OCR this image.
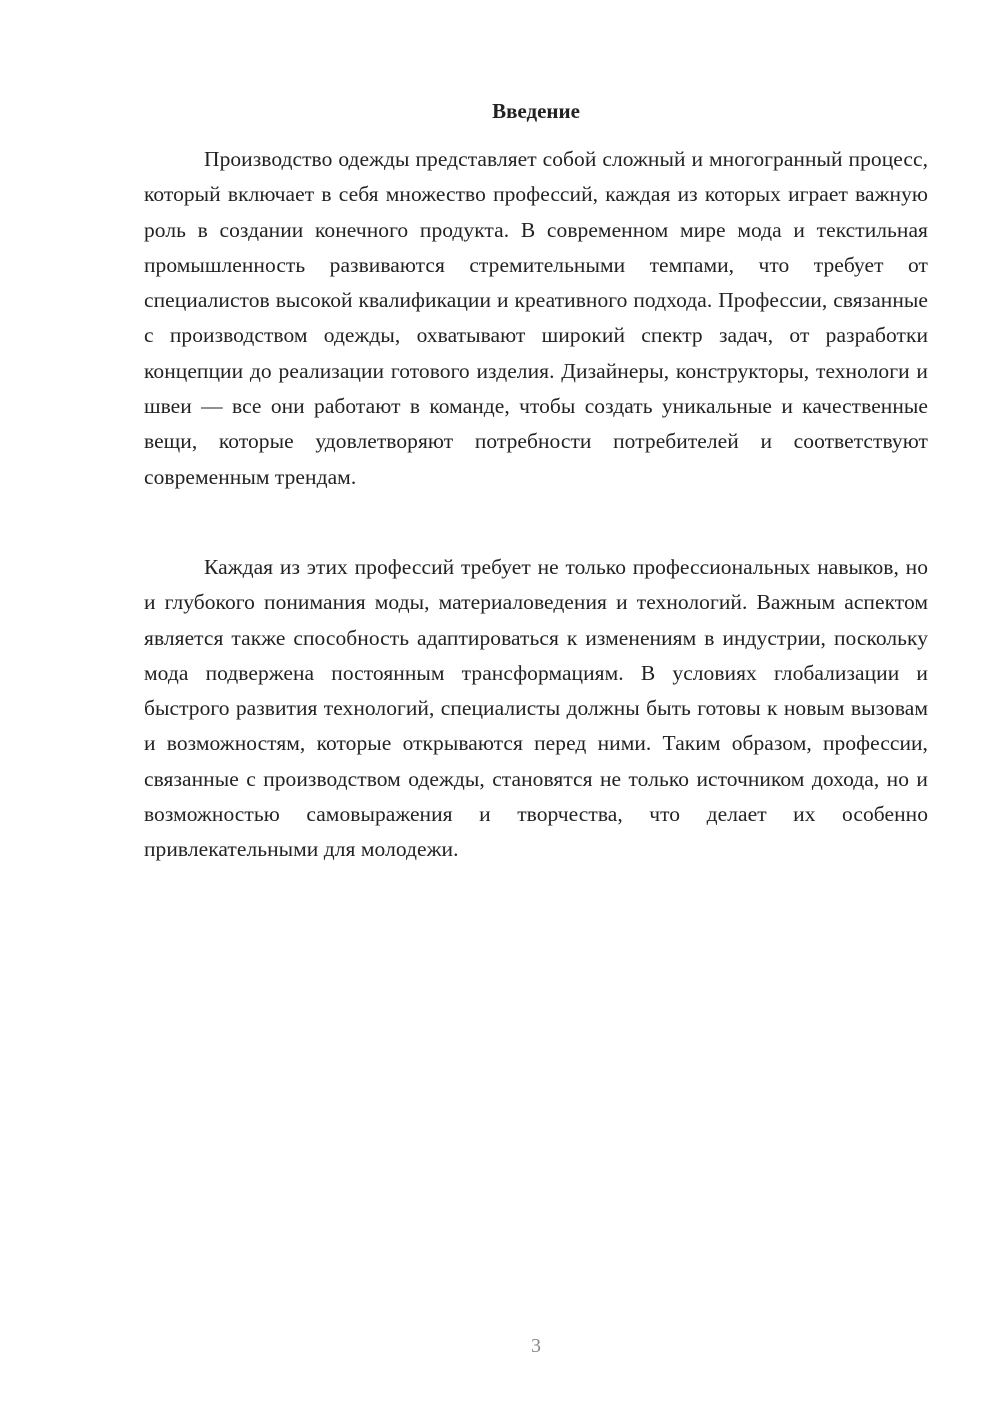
Введение

Производство одежды представляет собой сложный и многогранный процесс, который включает в себя множество профессий, каждая из которых играет важную роль в создании конечного продукта. В современном мире мода и текстильная промышленность развиваются стремительными темпами, что требует от специалистов высокой квалификации и креативного подхода. Профессии, связанные с производством одежды, охватывают широкий спектр задач, от разработки концепции до реализации готового изделия. Дизайнеры, конструкторы, технологи и швеи — все они работают в команде, чтобы создать уникальные и качественные вещи, которые удовлетворяют потребности потребителей и соответствуют современным трендам.

Каждая из этих профессий требует не только профессиональных навыков, но и глубокого понимания моды, материаловедения и технологий. Важным аспектом является также способность адаптироваться к изменениям в индустрии, поскольку мода подвержена постоянным трансформациям. В условиях глобализации и быстрого развития технологий, специалисты должны быть готовы к новым вызовам и возможностям, которые открываются перед ними. Таким образом, профессии, связанные с производством одежды, становятся не только источником дохода, но и возможностью самовыражения и творчества, что делает их особенно привлекательными для молодежи.

3
